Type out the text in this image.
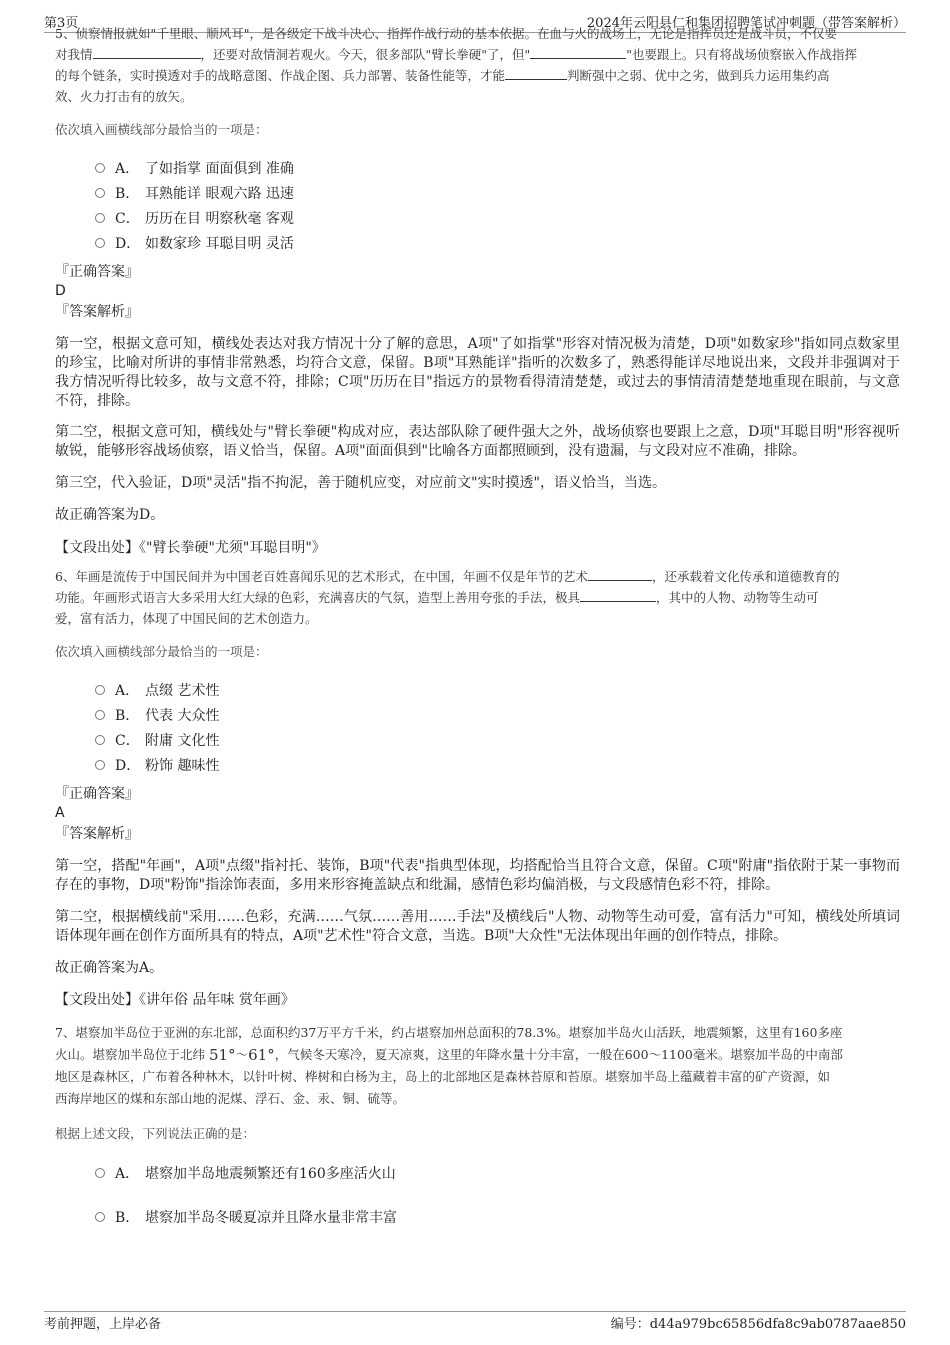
第3页	2024年云阳县仁和集团招聘笔试冲刺题（带答案解析）

5、侦察情报就如"千里眼、顺风耳"，是各级定下战斗决心、指挥作战行动的基本依据。在血与火的战场上，无论是指挥员还是战斗员，不仅要

对我情	，还要对敌情洞若观火。今天，很多部队"臂长拳硬"了，但"	"也要跟上。只有将战场侦察嵌入作战指挥

的每个链条，实时摸透对手的战略意图、作战企图、兵力部署、装备性能等，才能	判断强中之弱、优中之劣，做到兵力运用集约高

效、火力打击有的放矢。

依次填入画横线部分最恰当的一项是：

A． 了如指掌 面面俱到 准确
B． 耳熟能详 眼观六路 迅速
C． 历历在目 明察秋毫 客观
D． 如数家珍 耳聪目明 灵活

『正确答案』

D

『答案解析』

第一空，根据文意可知，横线处表达对我方情况十分了解的意思，A项"了如指掌"形容对情况极为清楚，D项"如数家珍"指如同点数家里的珍宝，比喻对所讲的事情非常熟悉，均符合文意，保留。B项"耳熟能详"指听的次数多了，熟悉得能详尽地说出来，文段并非强调对于我方情况听得比较多，故与文意不符，排除；C项"历历在目"指远方的景物看得清清楚楚，或过去的事情清清楚楚地重现在眼前，与文意不符，排除。

第二空，根据文意可知，横线处与"臂长拳硬"构成对应，表达部队除了硬件强大之外，战场侦察也要跟上之意，D项"耳聪目明"形容视听敏锐，能够形容战场侦察，语义恰当，保留。A项"面面俱到"比喻各方面都照顾到，没有遗漏，与文段对应不准确，排除。

第三空，代入验证，D项"灵活"指不拘泥，善于随机应变，对应前文"实时摸透"，语义恰当，当选。

故正确答案为D。

【文段出处】《"臂长拳硬"尤须"耳聪目明"》

6、年画是流传于中国民间并为中国老百姓喜闻乐见的艺术形式，在中国，年画不仅是年节的艺术	，还承载着文化传承和道德教育的

功能。年画形式语言大多采用大红大绿的色彩，充满喜庆的气氛，造型上善用夸张的手法，极具	，其中的人物、动物等生动可

爱，富有活力，体现了中国民间的艺术创造力。

依次填入画横线部分最恰当的一项是：

A． 点缀 艺术性
B． 代表 大众性
C． 附庸 文化性
D． 粉饰 趣味性

『正确答案』

A

『答案解析』

第一空，搭配"年画"，A项"点缀"指衬托、装饰，B项"代表"指典型体现，均搭配恰当且符合文意，保留。C项"附庸"指依附于某一事物而存在的事物，D项"粉饰"指涂饰表面，多用来形容掩盖缺点和纰漏，感情色彩均偏消极，与文段感情色彩不符，排除。

第二空，根据横线前"采用……色彩，充满……气氛……善用……手法"及横线后"人物、动物等生动可爱，富有活力"可知，横线处所填词语体现年画在创作方面所具有的特点，A项"艺术性"符合文意，当选。B项"大众性"无法体现出年画的创作特点，排除。

故正确答案为A。

【文段出处】《讲年俗 品年味 赏年画》

7、堪察加半岛位于亚洲的东北部，总面积约37万平方千米，约占堪察加州总面积的78.3%。堪察加半岛火山活跃，地震频繁，这里有160多座

火山。堪察加半岛位于北纬 51°～61°，气候冬天寒冷，夏天凉爽，这里的年降水量十分丰富，一般在600～1100毫米。堪察加半岛的中南部

地区是森林区，广布着各种林木，以针叶树、桦树和白杨为主，岛上的北部地区是森林苔原和苔原。堪察加半岛上蕴藏着丰富的矿产资源，如

西海岸地区的煤和东部山地的泥煤、浮石、金、汞、铜、硫等。

根据上述文段，下列说法正确的是：

A． 堪察加半岛地震频繁还有160多座活火山
B． 堪察加半岛冬暖夏凉并且降水量非常丰富
考前押题，上岸必备	编号：d44a979bc65856dfa8c9ab0787aae850
